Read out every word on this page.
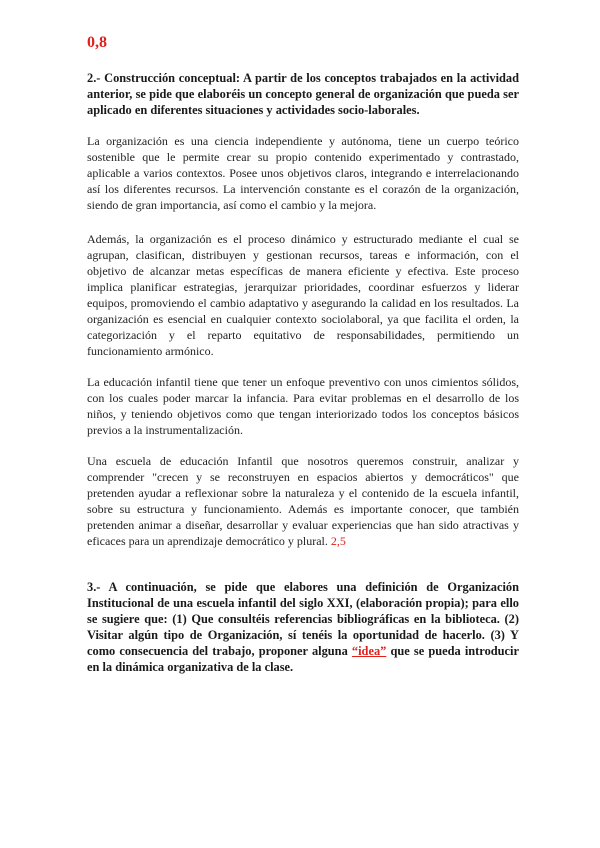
0,8

2.- Construcción conceptual: A partir de los conceptos trabajados en la actividad anterior, se pide que elaboréis un concepto general de organización que pueda ser aplicado en diferentes situaciones y actividades socio-laborales.

La organización es una ciencia independiente y autónoma, tiene un cuerpo teórico sostenible que le permite crear su propio contenido experimentado y contrastado, aplicable a varios contextos. Posee unos objetivos claros, integrando e interrelacionando así los diferentes recursos. La intervención constante es el corazón de la organización, siendo de gran importancia, así como el cambio y la mejora.

Además, la organización es el proceso dinámico y estructurado mediante el cual se agrupan, clasifican, distribuyen y gestionan recursos, tareas e información, con el objetivo de alcanzar metas específicas de manera eficiente y efectiva. Este proceso implica planificar estrategias, jerarquizar prioridades, coordinar esfuerzos y liderar equipos, promoviendo el cambio adaptativo y asegurando la calidad en los resultados. La organización es esencial en cualquier contexto sociolaboral, ya que facilita el orden, la categorización y el reparto equitativo de responsabilidades, permitiendo un funcionamiento armónico.

La educación infantil tiene que tener un enfoque preventivo con unos cimientos sólidos, con los cuales poder marcar la infancia. Para evitar problemas en el desarrollo de los niños, y teniendo objetivos como que tengan interiorizado todos los conceptos básicos previos a la instrumentalización.

Una escuela de educación Infantil que nosotros queremos construir, analizar y comprender "crecen y se reconstruyen en espacios abiertos y democráticos" que pretenden ayudar a reflexionar sobre la naturaleza y el contenido de la escuela infantil, sobre su estructura y funcionamiento. Además es importante conocer, que también pretenden animar a diseñar, desarrollar y evaluar experiencias que han sido atractivas y eficaces para un aprendizaje democrático y plural. 2,5

3.- A continuación, se pide que elabores una definición de Organización Institucional de una escuela infantil del siglo XXI, (elaboración propia); para ello se sugiere que: (1) Que consultéis referencias bibliográficas en la biblioteca. (2) Visitar algún tipo de Organización, sí tenéis la oportunidad de hacerlo. (3) Y como consecuencia del trabajo, proponer alguna “idea” que se pueda introducir en la dinámica organizativa de la clase.
